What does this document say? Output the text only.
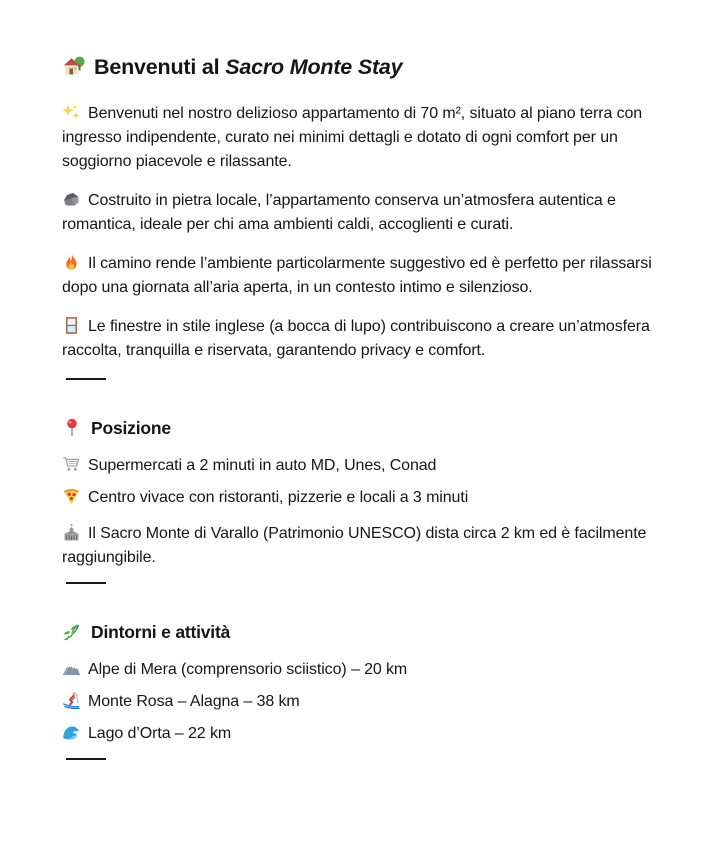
Benvenuti al Sacro Monte Stay

Benvenuti nel nostro delizioso appartamento di 70 m², situato al piano terra con ingresso indipendente, curato nei minimi dettagli e dotato di ogni comfort per un soggiorno piacevole e rilassante.

Costruito in pietra locale, l’appartamento conserva un’atmosfera autentica e romantica, ideale per chi ama ambienti caldi, accoglienti e curati.

Il camino rende l’ambiente particolarmente suggestivo ed è perfetto per rilassarsi dopo una giornata all’aria aperta, in un contesto intimo e silenzioso.

Le finestre in stile inglese (a bocca di lupo) contribuiscono a creare un’atmosfera raccolta, tranquilla e riservata, garantendo privacy e comfort.

Posizione

Supermercati a 2 minuti in auto MD, Unes, Conad

Centro vivace con ristoranti, pizzerie e locali a 3 minuti

Il Sacro Monte di Varallo (Patrimonio UNESCO) dista circa 2 km ed è facilmente raggiungibile.

Dintorni e attività

Alpe di Mera (comprensorio sciistico) – 20 km

Monte Rosa – Alagna – 38 km

Lago d’Orta – 22 km
